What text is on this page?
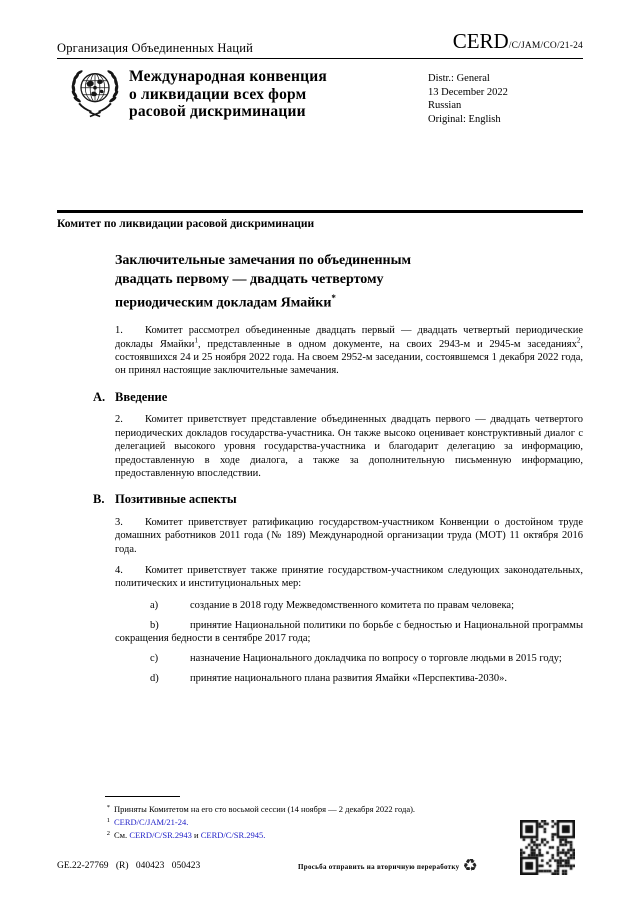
Организация Объединенных Наций	CERD/C/JAM/CO/21-24
Международная конвенция
о ликвидации всех форм
расовой дискриминации
Distr.: General
13 December 2022
Russian
Original: English
Комитет по ликвидации расовой дискриминации
Заключительные замечания по объединенным
двадцать первому — двадцать четвертому
периодическим докладам Ямайки*

1. Комитет рассмотрел объединенные двадцать первый — двадцать четвертый периодические доклады Ямайки$^1$, представленные в одном документе, на своих 2943-м и 2945-м заседаниях$^2$, состоявшихся 24 и 25 ноября 2022 года. На своем 2952-м заседании, состоявшемся 1 декабря 2022 года, он принял настоящие заключительные замечания.

A. Введение

2. Комитет приветствует представление объединенных двадцать первого — двадцать четвертого периодических докладов государства-участника. Он также высоко оценивает конструктивный диалог с делегацией высокого уровня государства-участника и благодарит делегацию за информацию, предоставленную в ходе диалога, а также за дополнительную письменную информацию, предоставленную впоследствии.

B. Позитивные аспекты

3. Комитет приветствует ратификацию государством-участником Конвенции о достойном труде домашних работников 2011 года (№ 189) Международной организации труда (МОТ) 11 октября 2016 года.

4. Комитет приветствует также принятие государством-участником следующих законодательных, политических и институциональных мер:

a)	создание в 2018 году Межведомственного комитета по правам человека;

b)	принятие Национальной политики по борьбе с бедностью и Национальной программы сокращения бедности в сентябре 2017 года;

c)	назначение Национального докладчика по вопросу о торговле людьми в 2015 году;

d)	принятие национального плана развития Ямайки «Перспектива-2030».

* Приняты Комитетом на его сто восьмой сессии (14 ноября — 2 декабря 2022 года).
1 CERD/C/JAM/21-24.
2 См. CERD/C/SR.2943 и CERD/C/SR.2945.
GE.22-27769 (R) 040423 050423	Просьба отправить на вторичную переработку ♻
